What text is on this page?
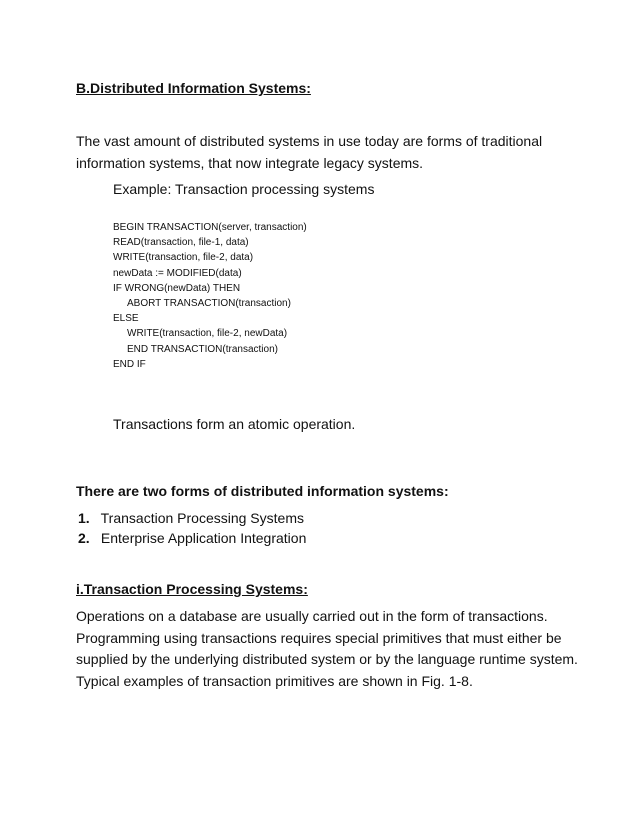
B.Distributed Information Systems:
The vast amount of distributed systems in use today are forms of traditional
information systems, that now integrate legacy systems.
Example: Transaction processing systems
BEGIN TRANSACTION(server, transaction)
READ(transaction, file-1, data)
WRITE(transaction, file-2, data)
newData := MODIFIED(data)
IF WRONG(newData) THEN
ABORT TRANSACTION(transaction)
ELSE
WRITE(transaction, file-2, newData)
END TRANSACTION(transaction)
END IF
Transactions form an atomic operation.
There are two forms of distributed information systems:
1. Transaction Processing Systems
2. Enterprise Application Integration
i.Transaction Processing Systems:
Operations on a database are usually carried out in the form of transactions.
Programming using transactions requires special primitives that must either be
supplied by the underlying distributed system or by the language runtime system.
Typical examples of transaction primitives are shown in Fig. 1-8.
